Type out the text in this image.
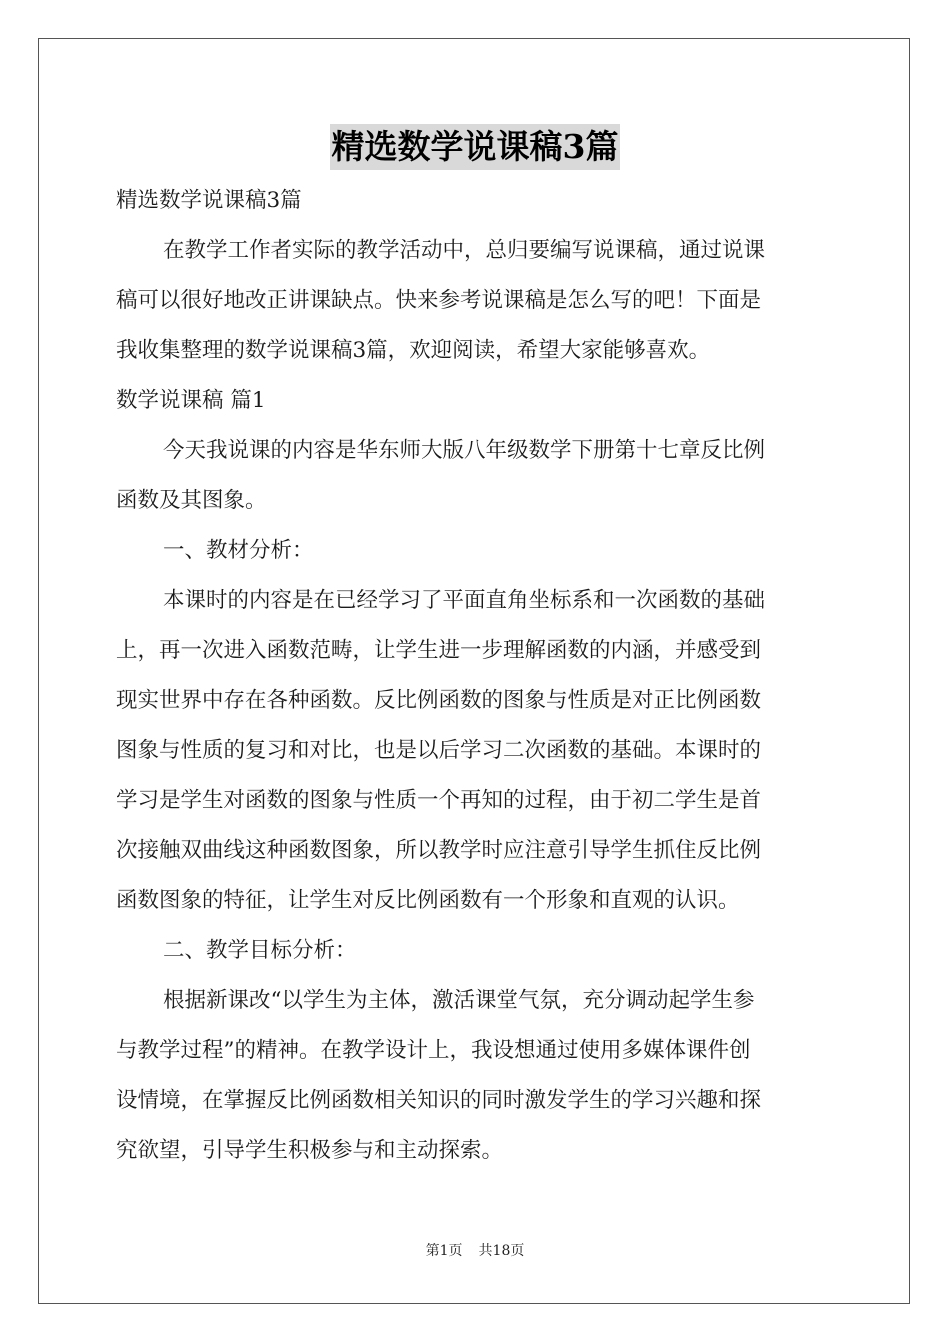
精选数学说课稿3篇
精选数学说课稿3篇
在教学工作者实际的教学活动中，总归要编写说课稿，通过说课
稿可以很好地改正讲课缺点。快来参考说课稿是怎么写的吧！下面是
我收集整理的数学说课稿3篇，欢迎阅读，希望大家能够喜欢。
数学说课稿 篇1
今天我说课的内容是华东师大版八年级数学下册第十七章反比例
函数及其图象。
一、教材分析：
本课时的内容是在已经学习了平面直角坐标系和一次函数的基础
上，再一次进入函数范畴，让学生进一步理解函数的内涵，并感受到
现实世界中存在各种函数。反比例函数的图象与性质是对正比例函数
图象与性质的复习和对比，也是以后学习二次函数的基础。本课时的
学习是学生对函数的图象与性质一个再知的过程，由于初二学生是首
次接触双曲线这种函数图象，所以教学时应注意引导学生抓住反比例
函数图象的特征，让学生对反比例函数有一个形象和直观的认识。
二、教学目标分析：
根据新课改“以学生为主体，激活课堂气氛，充分调动起学生参
与教学过程”的精神。在教学设计上，我设想通过使用多媒体课件创
设情境，在掌握反比例函数相关知识的同时激发学生的学习兴趣和探
究欲望，引导学生积极参与和主动探索。
第1页 共18页
